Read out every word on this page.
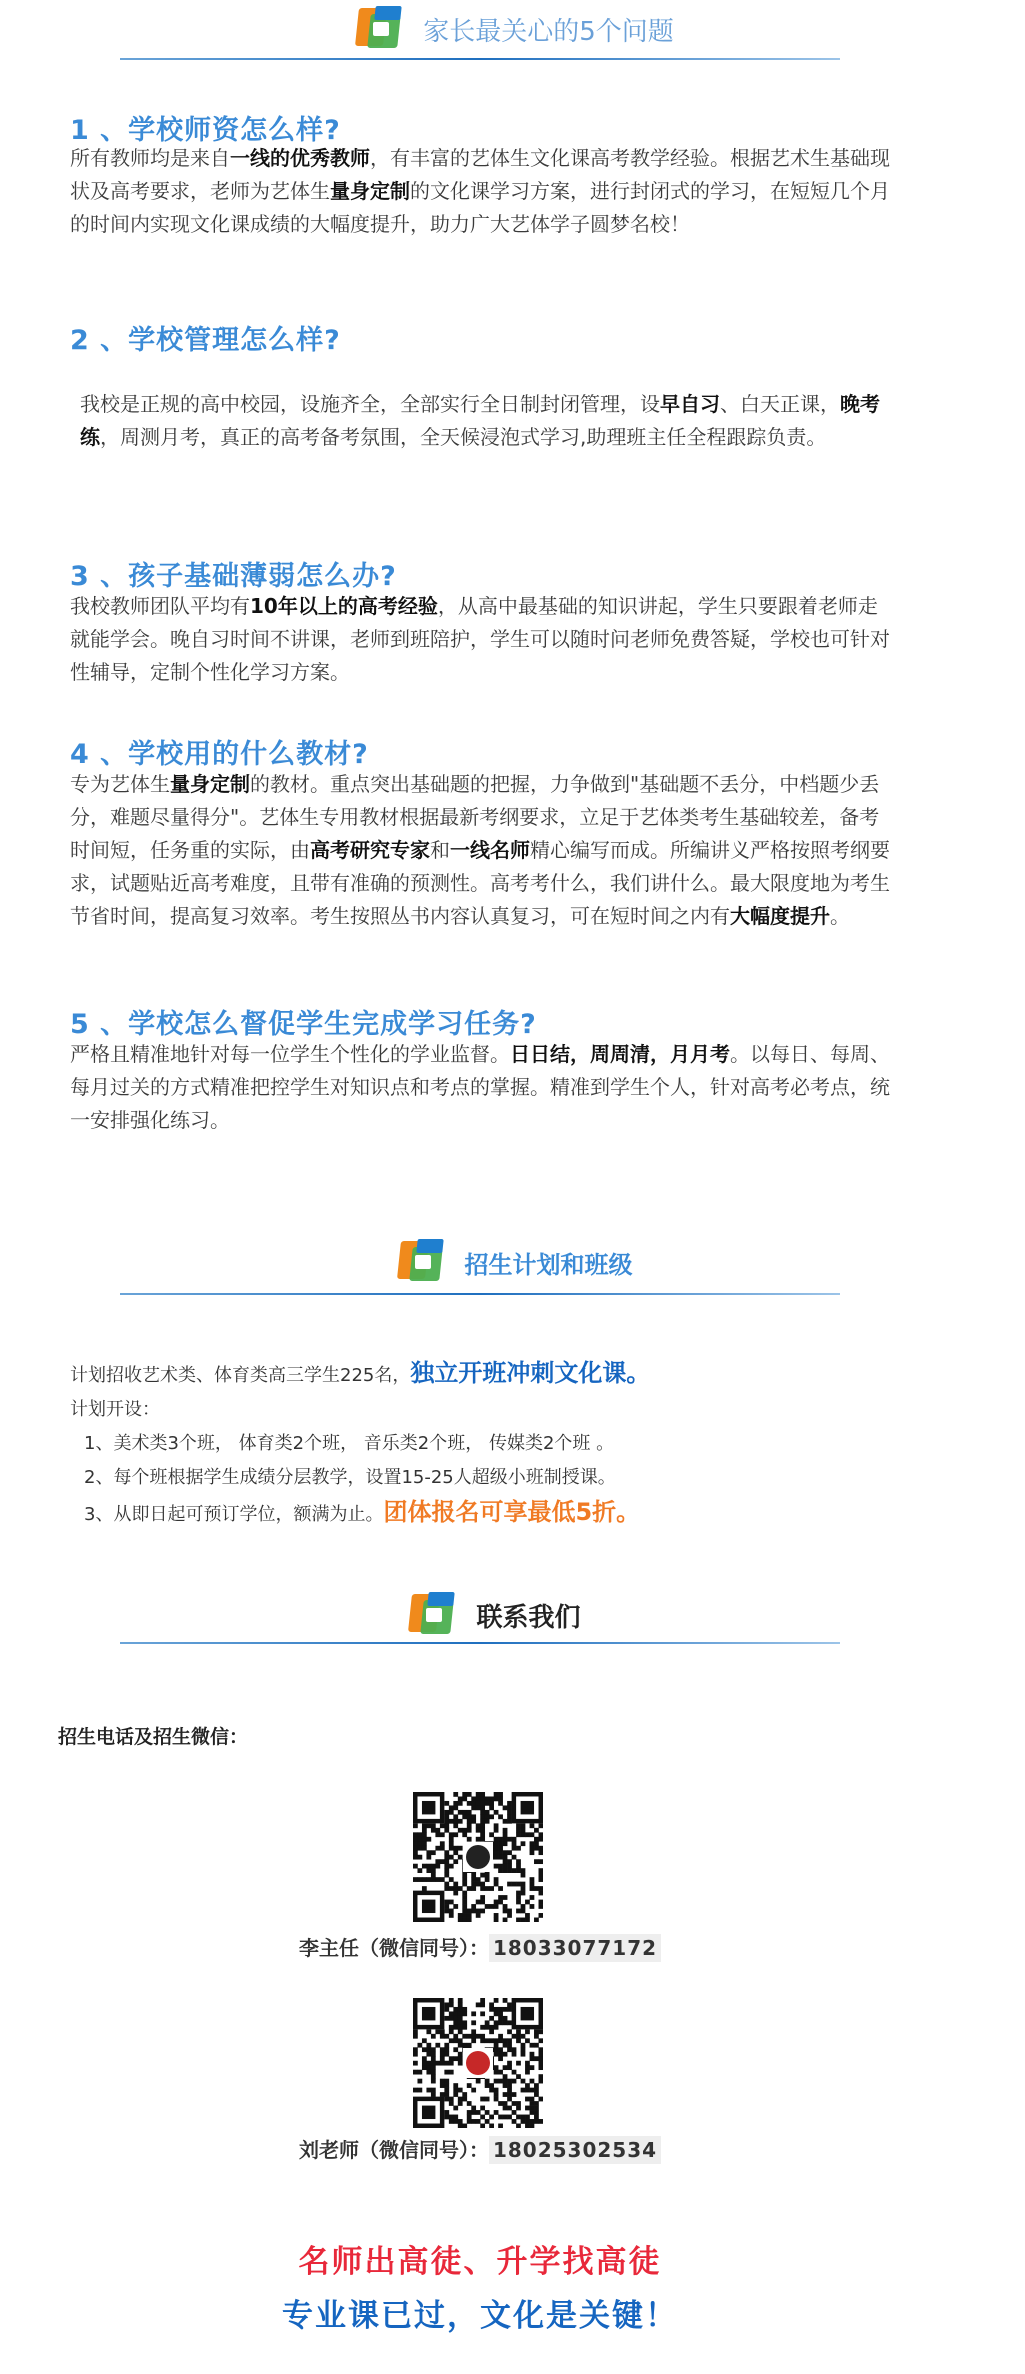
家长最关心的5个问题
1 、学校师资怎么样?
所有教师均是来自一线的优秀教师，有丰富的艺体生文化课高考教学经验。根据艺术生基础现状及高考要求，老师为艺体生量身定制的文化课学习方案，进行封闭式的学习，在短短几个月的时间内实现文化课成绩的大幅度提升，助力广大艺体学子圆梦名校！
2 、学校管理怎么样?
我校是正规的高中校园，设施齐全，全部实行全日制封闭管理，设早自习、白天正课，晚考练，周测月考，真正的高考备考氛围，全天候浸泡式学习,助理班主任全程跟踪负责。
3 、孩子基础薄弱怎么办?
我校教师团队平均有10年以上的高考经验，从高中最基础的知识讲起，学生只要跟着老师走就能学会。晚自习时间不讲课，老师到班陪护，学生可以随时问老师免费答疑，学校也可针对性辅导，定制个性化学习方案。
4 、学校用的什么教材?
专为艺体生量身定制的教材。重点突出基础题的把握，力争做到"基础题不丢分，中档题少丢分，难题尽量得分"。艺体生专用教材根据最新考纲要求，立足于艺体类考生基础较差，备考时间短，任务重的实际，由高考研究专家和一线名师精心编写而成。所编讲义严格按照考纲要求，试题贴近高考难度，且带有准确的预测性。高考考什么，我们讲什么。最大限度地为考生节省时间，提高复习效率。考生按照丛书内容认真复习，可在短时间之内有大幅度提升。
5 、学校怎么督促学生完成学习任务?
严格且精准地针对每一位学生个性化的学业监督。日日结，周周清，月月考。以每日、每周、每月过关的方式精准把控学生对知识点和考点的掌握。精准到学生个人，针对高考必考点，统一安排强化练习。
招生计划和班级
计划招收艺术类、体育类高三学生225名，独立开班冲刺文化课。
计划开设：
1、美术类3个班， 体育类2个班， 音乐类2个班， 传媒类2个班 。
2、每个班根据学生成绩分层教学，设置15-25人超级小班制授课。
3、从即日起可预订学位，额满为止。团体报名可享最低5折。
联系我们
招生电话及招生微信：
李主任（微信同号）： 18033077172
刘老师（微信同号）： 18025302534
名师出高徒、升学找高徒
专业课已过，文化是关键！
